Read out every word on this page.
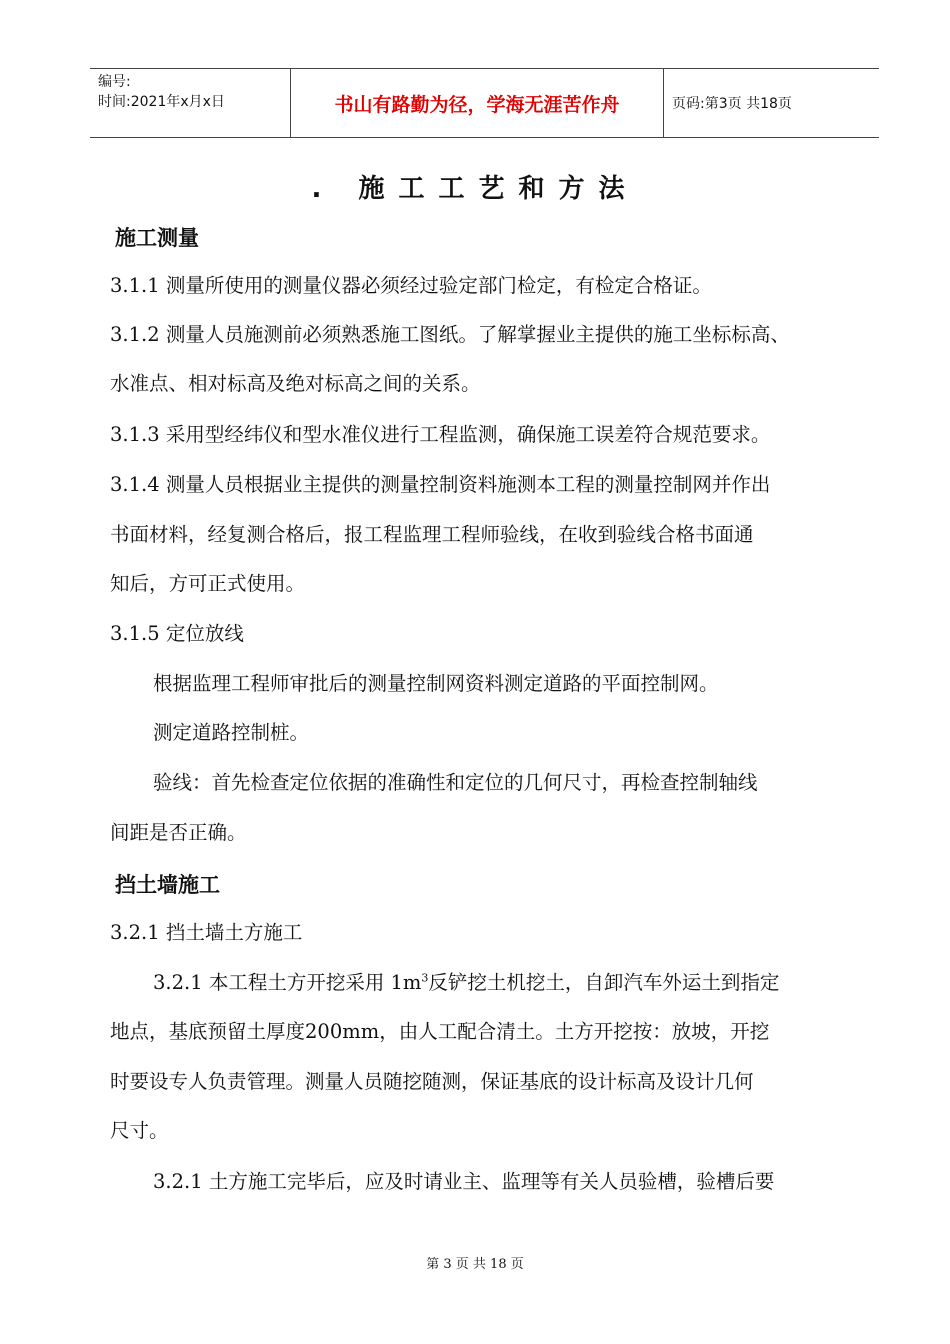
编号:
时间:2021年x月x日	书山有路勤为径，学海无涯苦作舟	页码:第3页 共18页
. 施工工艺和方法
施工测量

3.1.1 测量所使用的测量仪器必须经过验定部门检定，有检定合格证。

3.1.2 测量人员施测前必须熟悉施工图纸。了解掌握业主提供的施工坐标标高、

水准点、相对标高及绝对标高之间的关系。

3.1.3 采用型经纬仪和型水准仪进行工程监测，确保施工误差符合规范要求。

3.1.4 测量人员根据业主提供的测量控制资料施测本工程的测量控制网并作出

书面材料，经复测合格后，报工程监理工程师验线，在收到验线合格书面通

知后，方可正式使用。

3.1.5 定位放线

根据监理工程师审批后的测量控制网资料测定道路的平面控制网。

测定道路控制桩。

验线：首先检查定位依据的准确性和定位的几何尺寸，再检查控制轴线

间距是否正确。

挡土墙施工

3.2.1 挡土墙土方施工

3.2.1 本工程土方开挖采用 $1m^3$反铲挖土机挖土，自卸汽车外运土到指定

地点，基底预留土厚度200mm，由人工配合清土。土方开挖按：放坡，开挖

时要设专人负责管理。测量人员随挖随测，保证基底的设计标高及设计几何

尺寸。

3.2.1 土方施工完毕后，应及时请业主、监理等有关人员验槽，验槽后要

第 3 页 共 18 页
